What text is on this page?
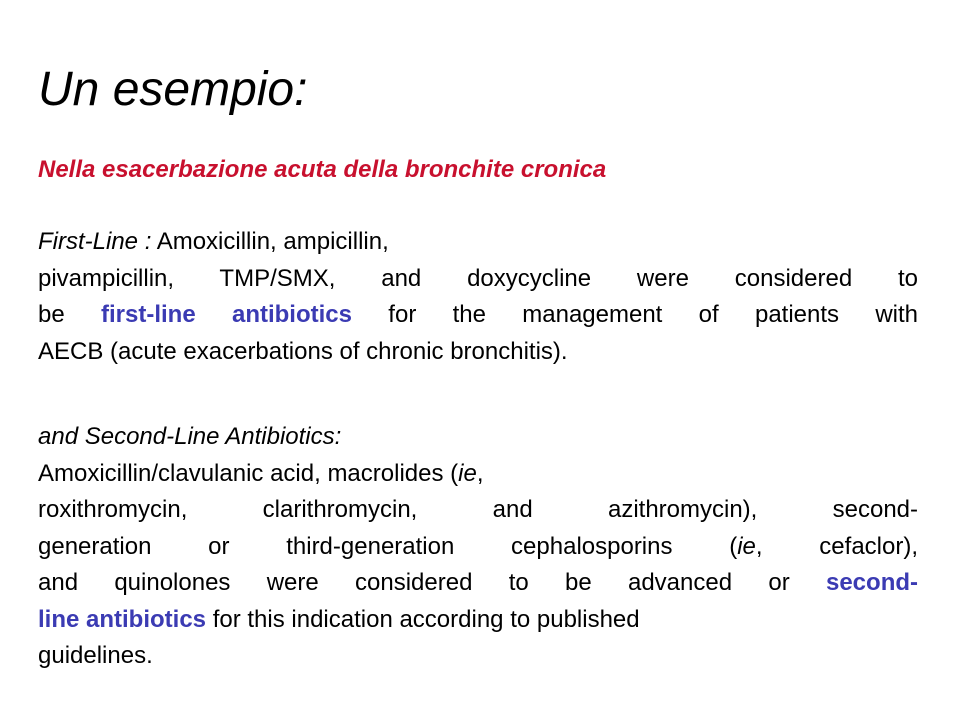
Un esempio:
Nella esacerbazione acuta della bronchite cronica
First-Line : Amoxicillin, ampicillin,
pivampicillin, TMP/SMX, and doxycycline were considered to
be first-line antibiotics for the management of patients with
AECB (acute exacerbations of chronic bronchitis).
and Second-Line Antibiotics:
Amoxicillin/clavulanic acid, macrolides (ie,
roxithromycin, clarithromycin, and azithromycin), second-
generation or third-generation cephalosporins (ie, cefaclor),
and quinolones were considered to be advanced or second-
line antibiotics for this indication according to published
guidelines.
